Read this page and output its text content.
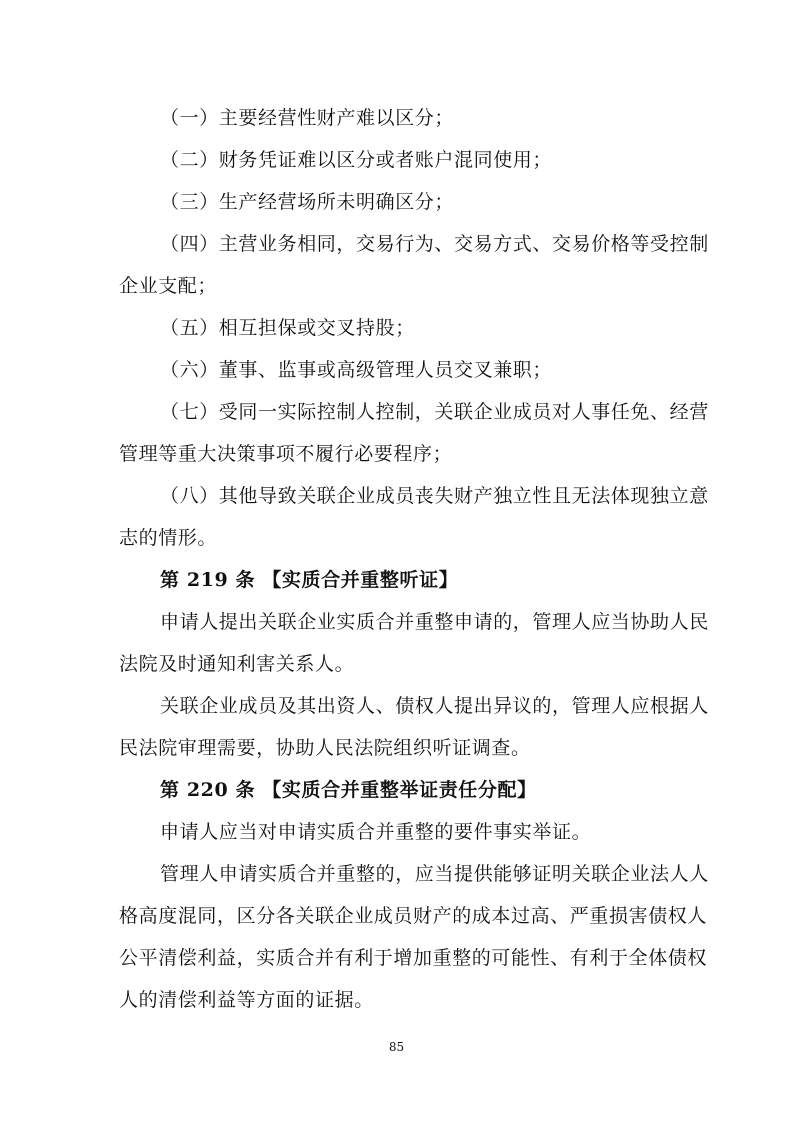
（一）主要经营性财产难以区分；
（二）财务凭证难以区分或者账户混同使用；
（三）生产经营场所未明确区分；
（四）主营业务相同，交易行为、交易方式、交易价格等受控制
企业支配；
（五）相互担保或交叉持股；
（六）董事、监事或高级管理人员交叉兼职；
（七）受同一实际控制人控制，关联企业成员对人事任免、经营
管理等重大决策事项不履行必要程序；
（八）其他导致关联企业成员丧失财产独立性且无法体现独立意
志的情形。
第 219 条 【实质合并重整听证】
申请人提出关联企业实质合并重整申请的，管理人应当协助人民
法院及时通知利害关系人。
关联企业成员及其出资人、债权人提出异议的，管理人应根据人
民法院审理需要，协助人民法院组织听证调查。
第 220 条 【实质合并重整举证责任分配】
申请人应当对申请实质合并重整的要件事实举证。
管理人申请实质合并重整的，应当提供能够证明关联企业法人人
格高度混同，区分各关联企业成员财产的成本过高、严重损害债权人
公平清偿利益，实质合并有利于增加重整的可能性、有利于全体债权
人的清偿利益等方面的证据。
85
